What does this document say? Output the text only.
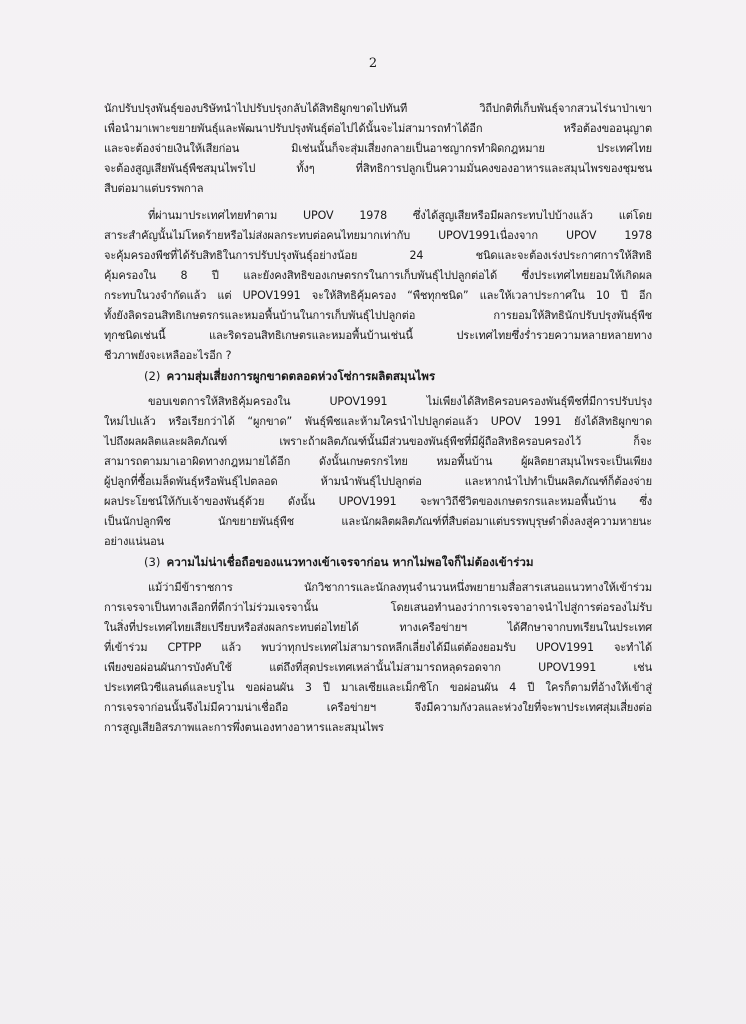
2
นักปรับปรุงพันธุ์ของบริษัทนำไปปรับปรุงกลับได้สิทธิผูกขาดไปทันที วิถีปกติที่เก็บพันธุ์จากสวนไร่นาป่าเขา
เพื่อนำมาเพาะขยายพันธุ์และพัฒนาปรับปรุงพันธุ์ต่อไปได้นั้นจะไม่สามารถทำได้อีก หรือต้องขออนุญาต
และจะต้องจ่ายเงินให้เสียก่อน มิเช่นนั้นก็จะสุ่มเสี่ยงกลายเป็นอาชญากรทำผิดกฎหมาย ประเทศไทย
จะต้องสูญเสียพันธุ์พืชสมุนไพรไป ทั้งๆ ที่สิทธิการปลูกเป็นความมั่นคงของอาหารและสมุนไพรของชุมชน
สืบต่อมาแต่บรรพกาล
ที่ผ่านมาประเทศไทยทำตาม UPOV 1978 ซึ่งได้สูญเสียหรือมีผลกระทบไปบ้างแล้ว แต่โดย
สาระสำคัญนั้นไม่โหดร้ายหรือไม่ส่งผลกระทบต่อคนไทยมากเท่ากับ UPOV1991เนื่องจาก UPOV 1978
จะคุ้มครองพืชที่ได้รับสิทธิในการปรับปรุงพันธุ์อย่างน้อย 24 ชนิดและจะต้องเร่งประกาศการให้สิทธิ
คุ้มครองใน 8 ปี และยังคงสิทธิของเกษตรกรในการเก็บพันธุ์ไปปลูกต่อได้ ซึ่งประเทศไทยยอมให้เกิดผล
กระทบในวงจำกัดแล้ว แต่ UPOV1991 จะให้สิทธิคุ้มครอง “พืชทุกชนิด” และให้เวลาประกาศใน 10 ปี อีก
ทั้งยังลิดรอนสิทธิเกษตรกรและหมอพื้นบ้านในการเก็บพันธุ์ไปปลูกต่อ การยอมให้สิทธินักปรับปรุงพันธุ์พืช
ทุกชนิดเช่นนี้ และริดรอนสิทธิเกษตรและหมอพื้นบ้านเช่นนี้ ประเทศไทยซึ่งร่ำรวยความหลายหลายทาง
ชีวภาพยังจะเหลืออะไรอีก ?
(2) ความสุ่มเสี่ยงการผูกขาดตลอดห่วงโซ่การผลิตสมุนไพร
ขอบเขตการให้สิทธิคุ้มครองใน UPOV1991 ไม่เพียงได้สิทธิครอบครองพันธุ์พืชที่มีการปรับปรุง
ใหม่ไปแล้ว หรือเรียกว่าได้ “ผูกขาด” พันธุ์พืชและห้ามใครนำไปปลูกต่อแล้ว UPOV 1991 ยังได้สิทธิผูกขาด
ไปถึงผลผลิตและผลิตภัณฑ์ เพราะถ้าผลิตภัณฑ์นั้นมีส่วนของพันธุ์พืชที่มีผู้ถือสิทธิครอบครองไว้ ก็จะ
สามารถตามมาเอาผิดทางกฎหมายได้อีก ดังนั้นเกษตรกรไทย หมอพื้นบ้าน ผู้ผลิตยาสมุนไพรจะเป็นเพียง
ผู้ปลูกที่ซื้อเมล็ดพันธุ์หรือพันธุ์ไปตลอด ห้ามนำพันธุ์ไปปลูกต่อ และหากนำไปทำเป็นผลิตภัณฑ์ก็ต้องจ่าย
ผลประโยชน์ให้กับเจ้าของพันธุ์ด้วย ดังนั้น UPOV1991 จะพาวิถีชีวิตของเกษตรกรและหมอพื้นบ้าน ซึ่ง
เป็นนักปลูกพืช นักขยายพันธุ์พืช และนักผลิตผลิตภัณฑ์ที่สืบต่อมาแต่บรรพบุรุษดำดิ่งลงสู่ความหายนะ
อย่างแน่นอน
(3) ความไม่น่าเชื่อถือของแนวทางเข้าเจรจาก่อน หากไม่พอใจก็ไม่ต้องเข้าร่วม
แม้ว่ามีข้าราชการ นักวิชาการและนักลงทุนจำนวนหนึ่งพยายามสื่อสารเสนอแนวทางให้เข้าร่วม
การเจรจาเป็นทางเลือกที่ดีกว่าไม่ร่วมเจรจานั้น โดยเสนอทำนองว่าการเจรจาอาจนำไปสู่การต่อรองไม่รับ
ในสิ่งที่ประเทศไทยเสียเปรียบหรือส่งผลกระทบต่อไทยได้ ทางเครือข่ายฯ ได้ศึกษาจากบทเรียนในประเทศ
ที่เข้าร่วม CPTPP แล้ว พบว่าทุกประเทศไม่สามารถหลีกเลี่ยงได้มีแต่ต้องยอมรับ UPOV1991 จะทำได้
เพียงขอผ่อนผันการบังคับใช้ แต่ถึงที่สุดประเทศเหล่านั้นไม่สามารถหลุดรอดจาก UPOV1991 เช่น
ประเทศนิวซีแลนด์และบรูไน ขอผ่อนผัน 3 ปี มาเลเซียและเม็กซิโก ขอผ่อนผัน 4 ปี ใครก็ตามที่อ้างให้เข้าสู่
การเจรจาก่อนนั้นจึงไม่มีความน่าเชื่อถือ เครือข่ายฯ จึงมีความกังวลและห่วงใยที่จะพาประเทศสุ่มเสี่ยงต่อ
การสูญเสียอิสรภาพและการพึ่งตนเองทางอาหารและสมุนไพร
